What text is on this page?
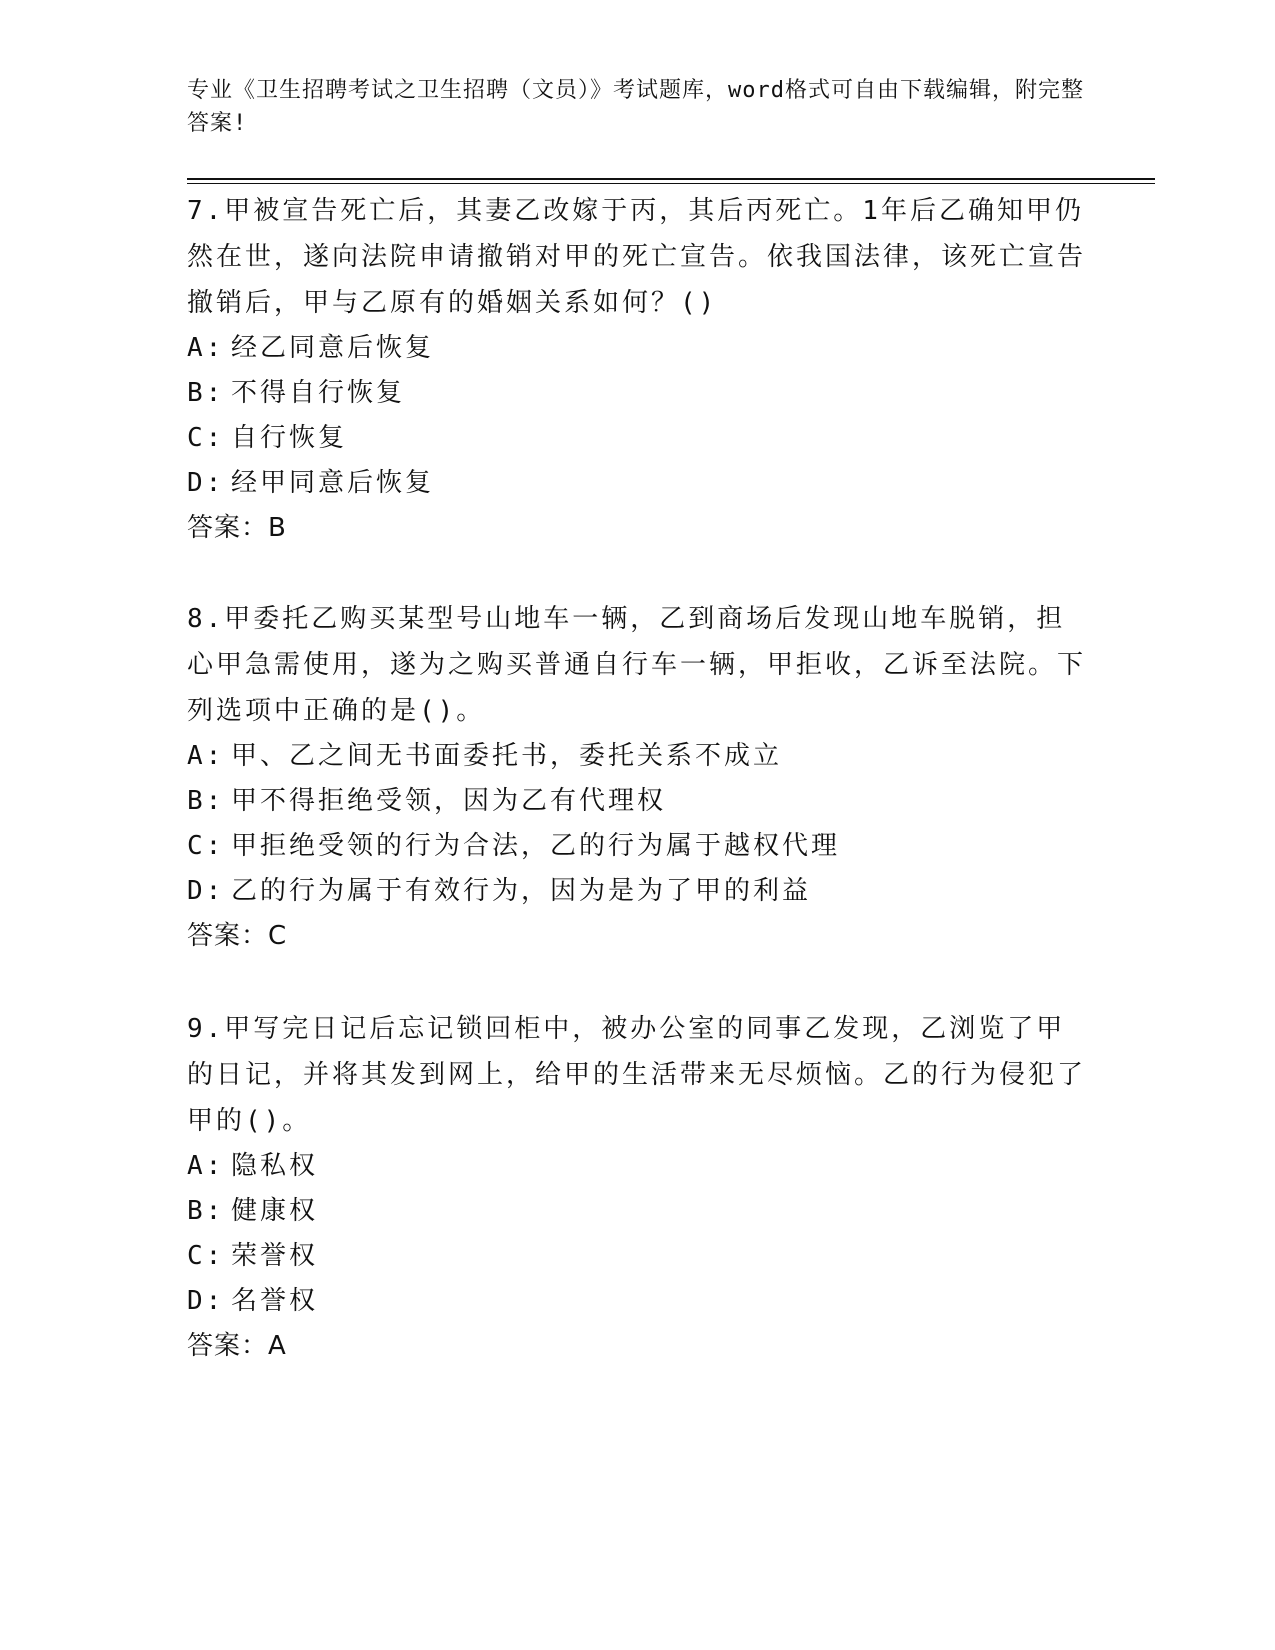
专业《卫生招聘考试之卫生招聘（文员）》考试题库，word格式可自由下载编辑，附完整答案!

7.甲被宣告死亡后，其妻乙改嫁于丙，其后丙死亡。1年后乙确知甲仍然在世，遂向法院申请撤销对甲的死亡宣告。依我国法律，该死亡宣告撤销后，甲与乙原有的婚姻关系如何？()

A: 经乙同意后恢复

B: 不得自行恢复

C: 自行恢复

D: 经甲同意后恢复

答案：B

8.甲委托乙购买某型号山地车一辆，乙到商场后发现山地车脱销，担心甲急需使用，遂为之购买普通自行车一辆，甲拒收，乙诉至法院。下列选项中正确的是()。

A: 甲、乙之间无书面委托书，委托关系不成立

B: 甲不得拒绝受领，因为乙有代理权

C: 甲拒绝受领的行为合法，乙的行为属于越权代理

D: 乙的行为属于有效行为，因为是为了甲的利益

答案：C

9.甲写完日记后忘记锁回柜中，被办公室的同事乙发现，乙浏览了甲的日记，并将其发到网上，给甲的生活带来无尽烦恼。乙的行为侵犯了甲的()。

A: 隐私权

B: 健康权

C: 荣誉权

D: 名誉权

答案：A
